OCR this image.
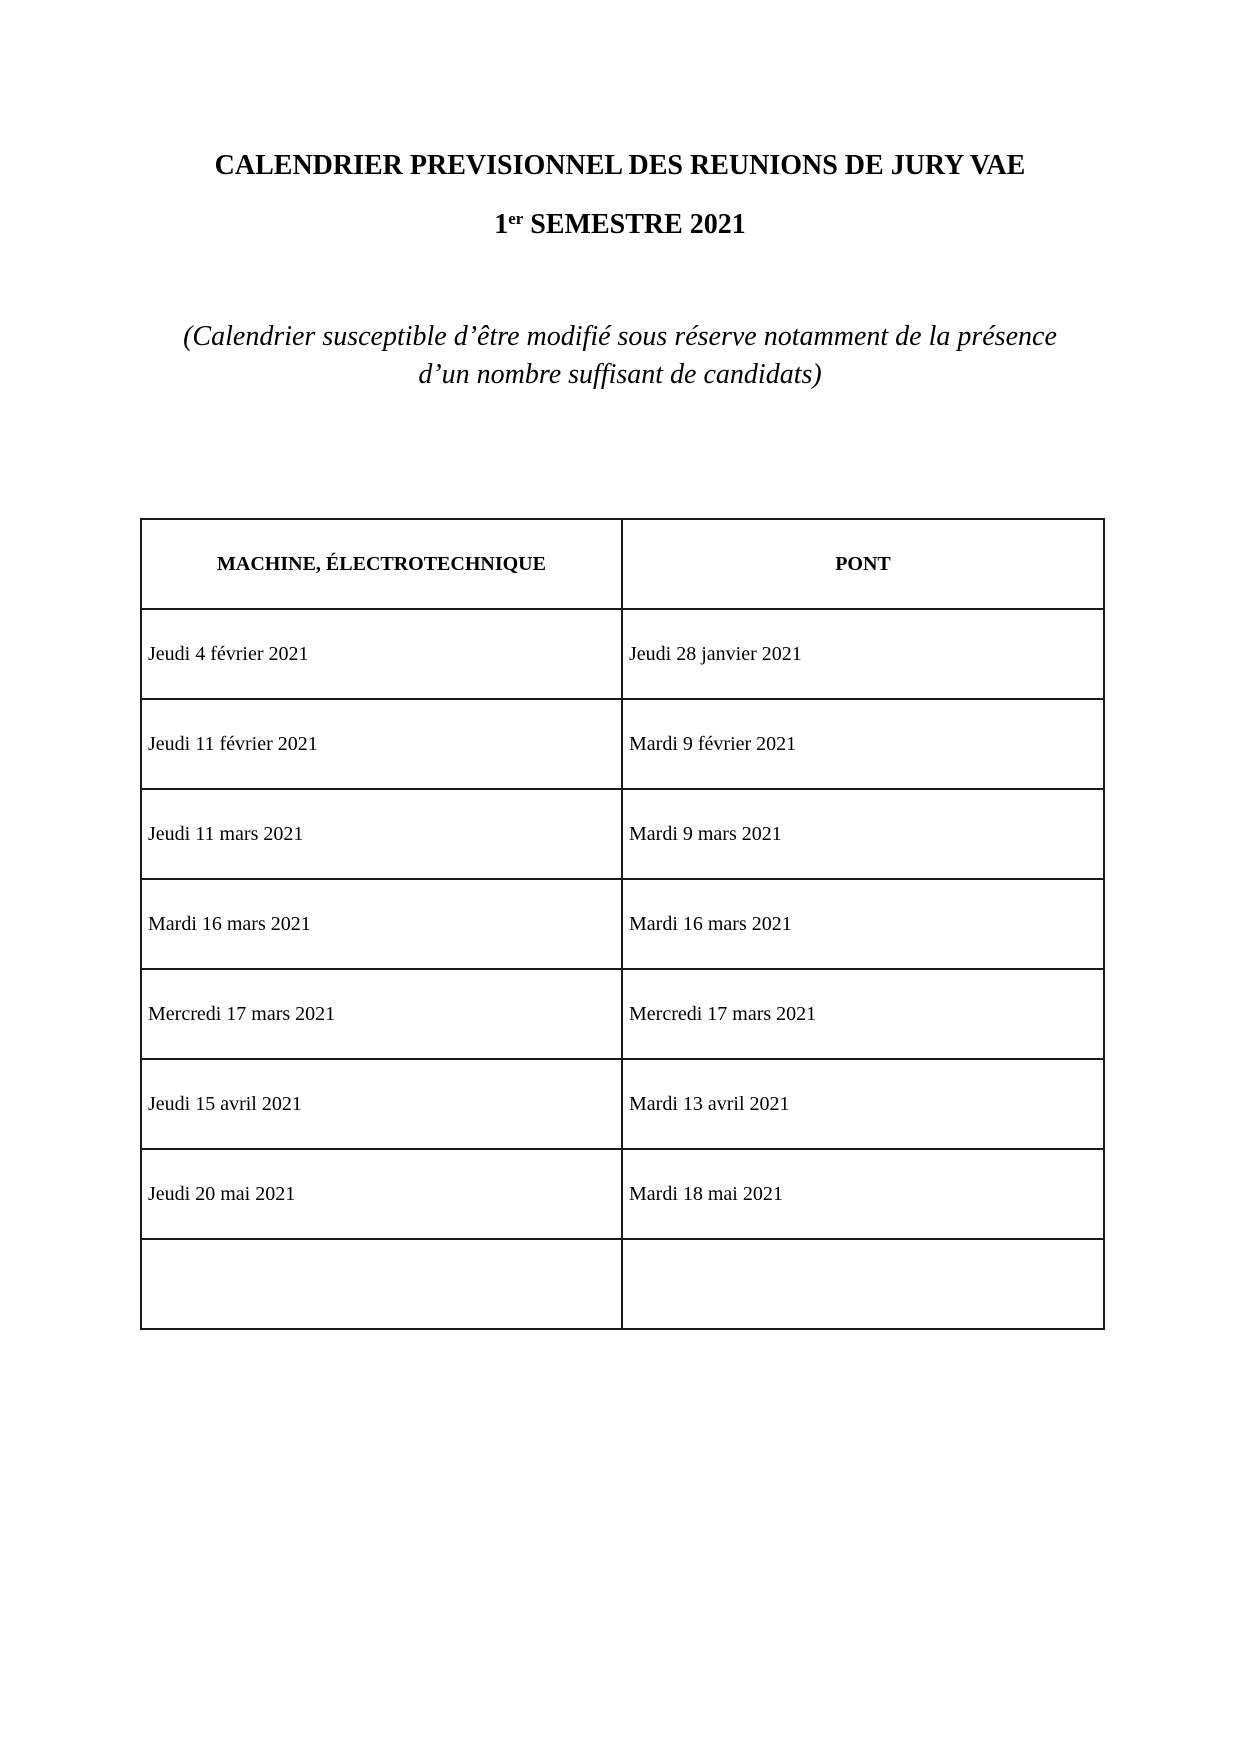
CALENDRIER PREVISIONNEL DES REUNIONS DE JURY VAE
1er SEMESTRE 2021

(Calendrier susceptible d’être modifié sous réserve notamment de la présence
d’un nombre suffisant de candidats)

MACHINE, ÉLECTROTECHNIQUE	PONT
Jeudi 4 février 2021	Jeudi 28 janvier 2021
Jeudi 11 février 2021	Mardi 9 février 2021
Jeudi 11 mars 2021	Mardi 9 mars 2021
Mardi 16 mars 2021	Mardi 16 mars 2021
Mercredi 17 mars 2021	Mercredi 17 mars 2021
Jeudi 15 avril 2021	Mardi 13 avril 2021
Jeudi 20 mai 2021	Mardi 18 mai 2021
